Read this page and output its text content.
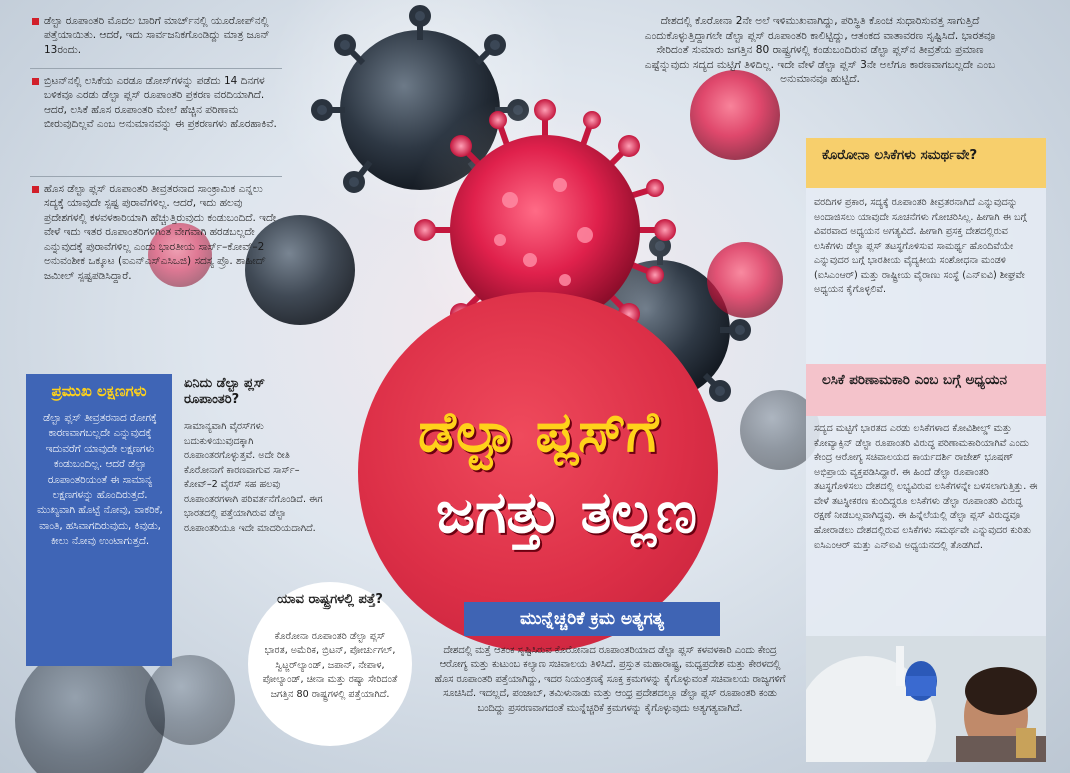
ಡೆಲ್ಟಾ ರೂಪಾಂತರಿ ಮೊದಲ ಬಾರಿಗೆ ಮಾರ್ಚ್‌ನಲ್ಲಿ ಯೂರೋಪ್‌ನಲ್ಲಿ ಪತ್ತೆಯಾಯಿತು. ಆದರೆ, ಇದು ಸಾರ್ವಜನಿಕಗೊಂಡಿದ್ದು ಮಾತ್ರ ಜೂನ್ 13ರಂದು.
ಬ್ರಿಟನ್‌ನಲ್ಲಿ ಲಸಿಕೆಯ ಎರಡೂ ಡೋಸ್‌ಗಳನ್ನು ಪಡೆದು 14 ದಿನಗಳ ಬಳಿಕವೂ ಎರಡು ಡೆಲ್ಟಾ ಪ್ಲಸ್ ರೂಪಾಂತರಿ ಪ್ರಕರಣ ವರದಿಯಾಗಿದೆ. ಆದರೆ, ಲಸಿಕೆ ಹೊಸ ರೂಪಾಂತರಿ ಮೇಲೆ ಹೆಚ್ಚಿನ ಪರಿಣಾಮ ಬೀರುವುದಿಲ್ಲವೆ ಎಂಬ ಅನುಮಾನವನ್ನು ಈ ಪ್ರಕರಣಗಳು ಹೊರಹಾಕಿವೆ.
ಹೊಸ ಡೆಲ್ಟಾ ಪ್ಲಸ್ ರೂಪಾಂತರಿ ತೀವ್ರತರನಾದ ಸಾಂಕ್ರಾಮಿಕ ಎನ್ನಲು ಸದ್ಯಕ್ಕೆ ಯಾವುದೇ ಸ್ಪಷ್ಟ ಪುರಾವೆಗಳಿಲ್ಲ. ಆದರೆ, ಇದು ಹಲವು ಪ್ರದೇಶಗಳಲ್ಲಿ ಕಳವಳಕಾರಿಯಾಗಿ ಹೆಚ್ಚುತ್ತಿರುವುದು ಕಂಡುಬಂದಿದೆ. ಇದೇ ವೇಳೆ ಇದು ಇತರ ರೂಪಾಂತರಿಗಳಿಗಿಂತ ವೇಗವಾಗಿ ಹರಡಬಲ್ಲದೇ ಎನ್ನುವುದಕ್ಕೆ ಪುರಾವೆಗಳಿಲ್ಲ ಎಂದು ಭಾರತೀಯ ಸಾರ್ಸ್–ಕೋವ್–2 ಅನುವಂಶೀಕ ಒಕ್ಕೂಟ (ಐಎನ್‌ಎಸ್‌ಎಸಿಒಜಿ) ಸದಸ್ಯ ಪ್ರೊ. ಶಾಹೀದ್ ಜಮೀಲ್ ಸ್ಪಷ್ಟಪಡಿಸಿದ್ದಾರೆ.
ದೇಶದಲ್ಲಿ ಕೊರೋನಾ 2ನೇ ಅಲೆ ಇಳಿಮುಖವಾಗಿದ್ದು, ಪರಿಸ್ಥಿತಿ ಕೊಂಚ ಸುಧಾರಿಸುವತ್ತ ಸಾಗುತ್ತಿದೆ ಎಂದುಕೊಳ್ಳುತ್ತಿದ್ದಾಗಲೇ ಡೆಲ್ಟಾ ಪ್ಲಸ್ ರೂಪಾಂತರಿ ಕಾಲಿಟ್ಟಿದ್ದು, ಆತಂಕದ ವಾತಾವರಣ ಸೃಷ್ಟಿಸಿದೆ. ಭಾರತವೂ ಸೇರಿದಂತೆ ಸುಮಾರು ಜಗತ್ತಿನ 80 ರಾಷ್ಟ್ರಗಳಲ್ಲಿ ಕಂಡುಬಂದಿರುವ ಡೆಲ್ಟಾ ಪ್ಲಸ್‌ನ ತೀವ್ರತೆಯ ಪ್ರಮಾಣ ಎಷ್ಟೆನ್ನುವುದು ಸದ್ಯದ ಮಟ್ಟಿಗೆ ತಿಳಿದಿಲ್ಲ. ಇದೇ ವೇಳೆ ಡೆಲ್ಟಾ ಪ್ಲಸ್ 3ನೇ ಅಲೆಗೂ ಕಾರಣವಾಗಬಲ್ಲದೇ ಎಂಬ ಅನುಮಾನವೂ ಹುಟ್ಟಿದೆ.
ಡೆಲ್ಟಾ ಪ್ಲಸ್‌ಗೆ
ಜಗತ್ತು ತಲ್ಲಣ
ಮುನ್ನೆಚ್ಚರಿಕೆ ಕ್ರಮ ಅತ್ಯಗತ್ಯ
ದೇಶದಲ್ಲಿ ಮತ್ತೆ ಆತಂಕ ಸೃಷ್ಟಿಸಿರುವ ಕೊರೋನಾದ ರೂಪಾಂತರಿಯಾದ ಡೆಲ್ಟಾ ಪ್ಲಸ್ ಕಳವಳಕಾರಿ ಎಂದು ಕೇಂದ್ರ ಆರೋಗ್ಯ ಮತ್ತು ಕುಟುಂಬ ಕಲ್ಯಾಣ ಸಚಿವಾಲಯ ತಿಳಿಸಿದೆ. ಪ್ರಸ್ತುತ ಮಹಾರಾಷ್ಟ್ರ, ಮಧ್ಯಪ್ರದೇಶ ಮತ್ತು ಕೇರಳದಲ್ಲಿ ಹೊಸ ರೂಪಾಂತರಿ ಪತ್ತೆಯಾಗಿದ್ದು, ಇದರ ನಿಯಂತ್ರಣಕ್ಕೆ ಸೂಕ್ತ ಕ್ರಮಗಳನ್ನು ಕೈಗೊಳ್ಳುವಂತೆ ಸಚಿವಾಲಯ ರಾಜ್ಯಗಳಿಗೆ ಸೂಚಿಸಿದೆ. ಇದಲ್ಲದೆ, ಪಂಜಾಬ್, ತಮಿಳುನಾಡು ಮತ್ತು ಆಂಧ್ರ ಪ್ರದೇಶದಲ್ಲೂ ಡೆಲ್ಟಾ ಪ್ಲಸ್ ರೂಪಾಂತರಿ ಕಂಡು ಬಂದಿದ್ದು ಪ್ರಸರಣವಾಗದಂತೆ ಮುನ್ನೆಚ್ಚರಿಕೆ ಕ್ರಮಗಳನ್ನು ಕೈಗೊಳ್ಳುವುದು ಅತ್ಯಗತ್ಯವಾಗಿದೆ.
ಪ್ರಮುಖ ಲಕ್ಷಣಗಳು
ಡೆಲ್ಟಾ ಪ್ಲಸ್ ತೀವ್ರತರನಾದ ರೋಗಕ್ಕೆ ಕಾರಣವಾಗಬಲ್ಲದೇ ಎನ್ನುವುದಕ್ಕೆ ಇದುವರೆಗೆ ಯಾವುದೇ ಲಕ್ಷಣಗಳು ಕಂಡುಬಂದಿಲ್ಲ. ಆದರೆ ಡೆಲ್ಟಾ ರೂಪಾಂತರಿಯಂತೆ ಈ ಸಾಮಾನ್ಯ ಲಕ್ಷಣಗಳನ್ನು ಹೊಂದಿರುತ್ತದೆ. ಮುಖ್ಯವಾಗಿ ಹೊಟ್ಟೆ ನೋವು, ವಾಕರಿಕೆ, ವಾಂತಿ, ಹಸಿವಾಗದಿರುವುದು, ಕಿವುಡು, ಕೀಲು ನೋವು ಉಂಟಾಗುತ್ತದೆ.
ಏನಿದು ಡೆಲ್ಟಾ ಪ್ಲಸ್ ರೂಪಾಂತರಿ?
ಸಾಮಾನ್ಯವಾಗಿ ವೈರಸ್‌ಗಳು ಬದುಕುಳಿಯುವುದಕ್ಕಾಗಿ ರೂಪಾಂತರಗೊಳ್ಳುತ್ತವೆ. ಅದೇ ರೀತಿ ಕೊರೋನಾಗೆ ಕಾರಣವಾಗುವ ಸಾರ್ಸ್–ಕೋವ್–2 ವೈರಸ್ ಸಹ ಹಲವು ರೂಪಾಂತರಗಳಾಗಿ ಪರಿವರ್ತನೆಗೊಂಡಿದೆ. ಈಗ ಭಾರತದಲ್ಲಿ ಪತ್ತೆಯಾಗಿರುವ ಡೆಲ್ಟಾ ರೂಪಾಂತರಿಯೂ ಇದೇ ಮಾದರಿಯದಾಗಿದೆ.
ಯಾವ ರಾಷ್ಟ್ರಗಳಲ್ಲಿ ಪತ್ತೆ?
ಕೊರೋನಾ ರೂಪಾಂತರಿ ಡೆಲ್ಟಾ ಪ್ಲಸ್ ಭಾರತ, ಅಮೆರಿಕ, ಬ್ರಿಟನ್, ಪೋರ್ಚುಗಲ್, ಸ್ವಿಟ್ಜರ್‌ಲ್ಯಾಂಡ್, ಜಪಾನ್, ನೇಪಾಳ, ಪೋಲ್ಯಾಂಡ್, ಚೀನಾ ಮತ್ತು ರಷ್ಯಾ ಸೇರಿದಂತೆ ಜಗತ್ತಿನ 80 ರಾಷ್ಟ್ರಗಳಲ್ಲಿ ಪತ್ತೆಯಾಗಿದೆ.
ಕೊರೋನಾ ಲಸಿಕೆಗಳು ಸಮರ್ಥವೇ?
ವರದಿಗಳ ಪ್ರಕಾರ, ಸದ್ಯಕ್ಕೆ ರೂಪಾಂತರಿ ತೀವ್ರತರನಾಗಿದೆ ಎನ್ನುವುದನ್ನು ಅಂದಾಜಿಸಲು ಯಾವುದೇ ಸೂಚನೆಗಳು ಗೋಚರಿಸಿಲ್ಲ. ಹೀಗಾಗಿ ಈ ಬಗ್ಗೆ ವಿವರವಾದ ಅಧ್ಯಯನ ಅಗತ್ಯವಿದೆ. ಹೀಗಾಗಿ ಪ್ರಸಕ್ತ ದೇಶದಲ್ಲಿರುವ ಲಸಿಕೆಗಳು ಡೆಲ್ಟಾ ಪ್ಲಸ್ ತಟಸ್ಥಗೊಳಿಸುವ ಸಾಮರ್ಥ್ಯ ಹೊಂದಿವೆಯೇ ಎನ್ನುವುದರ ಬಗ್ಗೆ ಭಾರತೀಯ ವೈದ್ಯಕೀಯ ಸಂಶೋಧನಾ ಮಂಡಳಿ (ಐಸಿಎಂಆರ್) ಮತ್ತು ರಾಷ್ಟ್ರೀಯ ವೈರಾಣು ಸಂಸ್ಥೆ (ಎನ್‌ಐವಿ) ಶೀಘ್ರವೇ ಅಧ್ಯಯನ ಕೈಗೊಳ್ಳಲಿವೆ.
ಲಸಿಕೆ ಪರಿಣಾಮಕಾರಿ ಎಂಬ ಬಗ್ಗೆ ಅಧ್ಯಯನ
ಸದ್ಯದ ಮಟ್ಟಿಗೆ ಭಾರತದ ಎರಡು ಲಸಿಕೆಗಳಾದ ಕೋವಿಶೀಲ್ಡ್ ಮತ್ತು ಕೋವ್ಯಾಕ್ಸಿನ್ ಡೆಲ್ಟಾ ರೂಪಾಂತರಿ ವಿರುದ್ಧ ಪರಿಣಾಮಕಾರಿಯಾಗಿವೆ ಎಂದು ಕೇಂದ್ರ ಆರೋಗ್ಯ ಸಚಿವಾಲಯದ ಕಾರ್ಯದರ್ಶಿ ರಾಜೇಶ್ ಭೂಷಣ್ ಅಭಿಪ್ರಾಯ ವ್ಯಕ್ತಪಡಿಸಿದ್ದಾರೆ. ಈ ಹಿಂದೆ ಡೆಲ್ಟಾ ರೂಪಾಂತರಿ ತಟಸ್ಥಗೊಳಿಸಲು ದೇಶದಲ್ಲಿ ಲಭ್ಯವಿರುವ ಲಸಿಕೆಗಳನ್ನೇ ಬಳಸಲಾಗುತ್ತಿತ್ತು. ಈ ವೇಳೆ ತಟಸ್ಥೀಕರಣ ಕುಂದಿದ್ದರೂ ಲಸಿಕೆಗಳು ಡೆಲ್ಟಾ ರೂಪಾಂತರಿ ವಿರುದ್ಧ ರಕ್ಷಣೆ ನೀಡಬಲ್ಲವಾಗಿದ್ದವು. ಈ ಹಿನ್ನೆಲೆಯಲ್ಲಿ ಡೆಲ್ಟಾ ಪ್ಲಸ್ ವಿರುದ್ಧವೂ ಹೋರಾಡಲು ದೇಶದಲ್ಲಿರುವ ಲಸಿಕೆಗಳು ಸಮರ್ಥವೇ ಎನ್ನುವುದರ ಕುರಿತು ಐಸಿಎಂಆರ್ ಮತ್ತು ಎನ್‌ಐವಿ ಅಧ್ಯಯನದಲ್ಲಿ ತೊಡಗಿದೆ.
